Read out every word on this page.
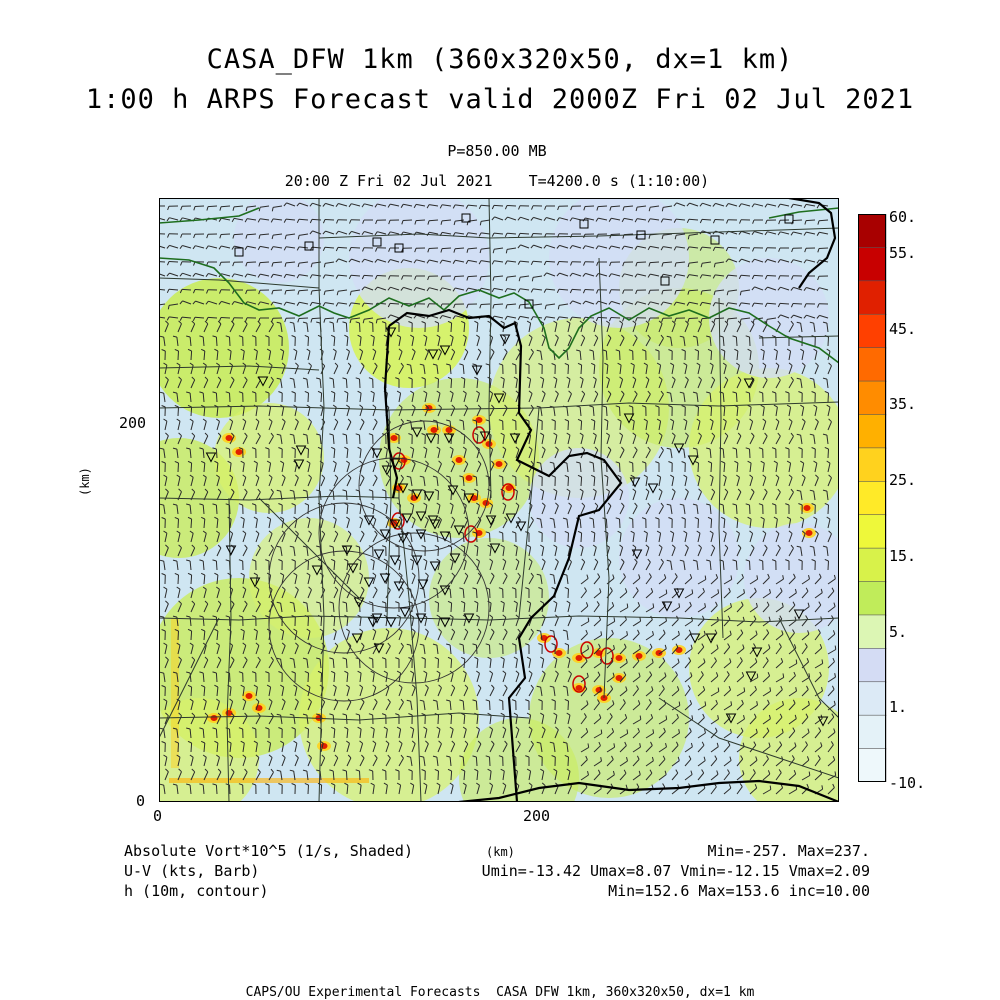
CASA_DFW 1km (360x320x50, dx=1 km)
1:00 h ARPS Forecast valid 2000Z Fri 02 Jul 2021
P=850.00 MB
20:00 Z Fri 02 Jul 2021    T=4200.0 s (1:10:00)
60.
55.
45.
35.
25.
15.
5.
1.
-10.
200
0
0	200
(km)
Absolute Vort*10^5 (1/s, Shaded)
U-V (kts, Barb)
h (10m, contour)
(km)	Min=-257. Max=237.
Umin=-13.42 Umax=8.07 Vmin=-12.15 Vmax=2.09
Min=152.6 Max=153.6 inc=10.00
CAPS/OU Experimental Forecasts  CASA DFW 1km, 360x320x50, dx=1 km
